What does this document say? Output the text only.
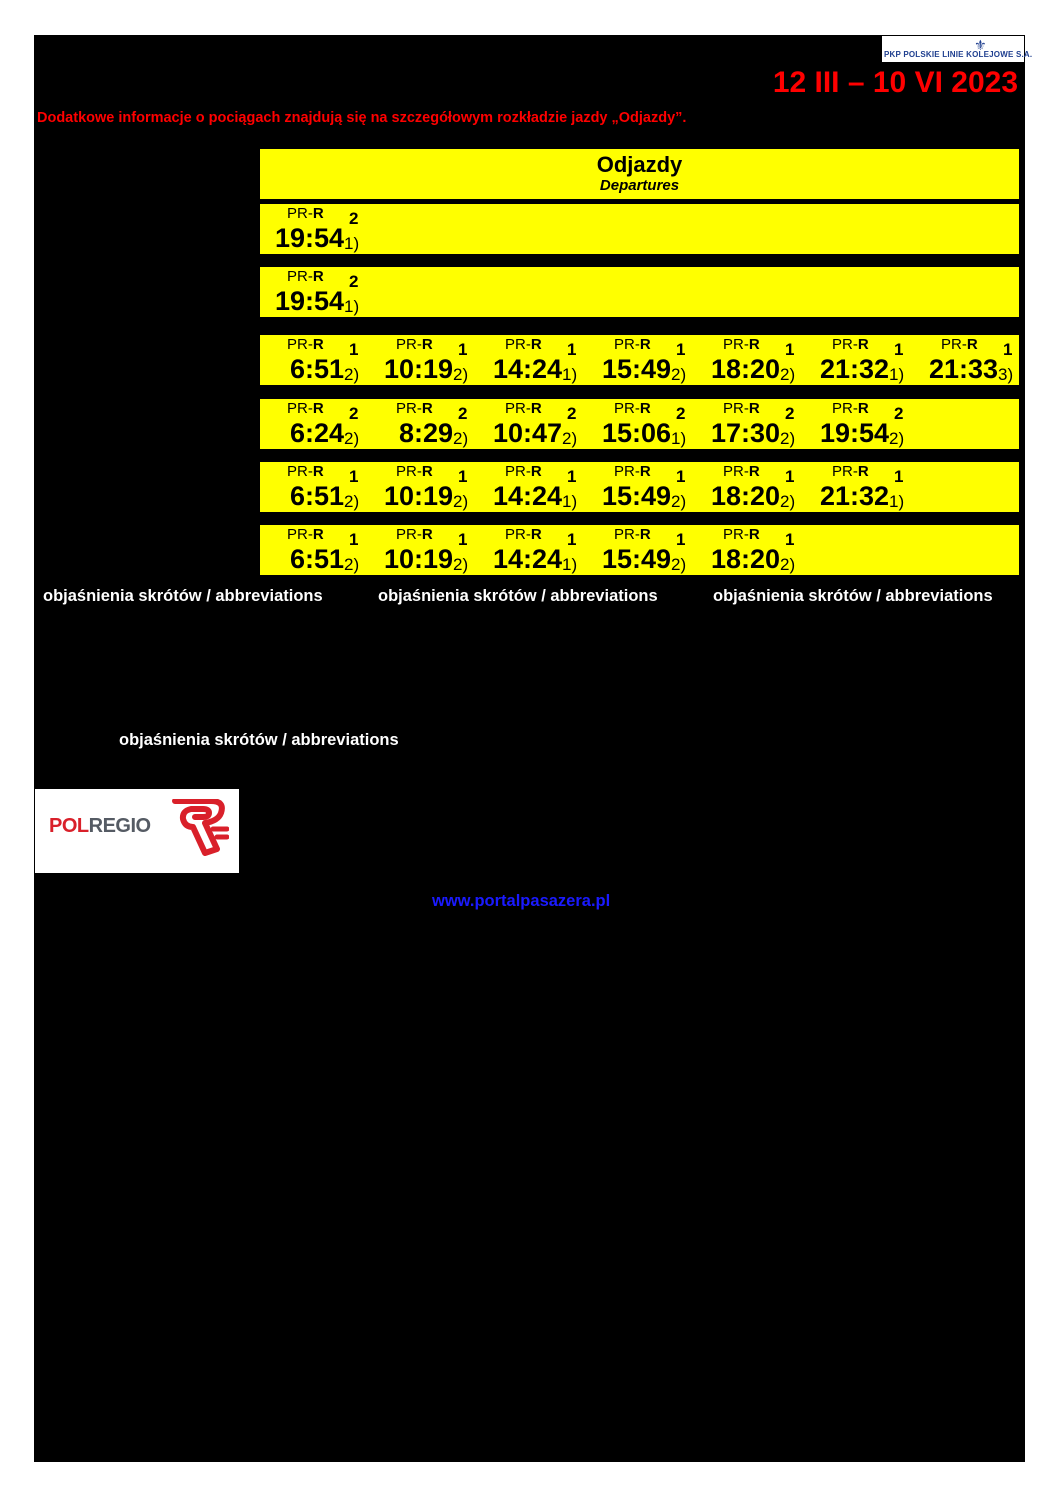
⚜
PKP POLSKIE LINIE KOLEJOWE S.A.
12 III – 10 VI 2023
Dodatkowe informacje o pociągach znajdują się na szczegółowym rozkładzie jazdy „Odjazdy”.
Odjazdy
Departures
PR-R 2
19:54 1)
PR-R 2
19:54 1)
PR-R 1
6:51 2)
PR-R 1
10:19 2)
PR-R 1
14:24 1)
PR-R 1
15:49 2)
PR-R 1
18:20 2)
PR-R 1
21:32 1)
PR-R 1
21:33 3)
PR-R 2
6:24 2)
PR-R 2
8:29 2)
PR-R 2
10:47 2)
PR-R 2
15:06 1)
PR-R 2
17:30 2)
PR-R 2
19:54 2)
PR-R 1
6:51 2)
PR-R 1
10:19 2)
PR-R 1
14:24 1)
PR-R 1
15:49 2)
PR-R 1
18:20 2)
PR-R 1
21:32 1)
PR-R 1
6:51 2)
PR-R 1
10:19 2)
PR-R 1
14:24 1)
PR-R 1
15:49 2)
PR-R 1
18:20 2)
objaśnienia skrótów / abbreviations	objaśnienia skrótów / abbreviations	objaśnienia skrótów / abbreviations
objaśnienia skrótów / abbreviations
POLREGIO
www.portalpasazera.pl
